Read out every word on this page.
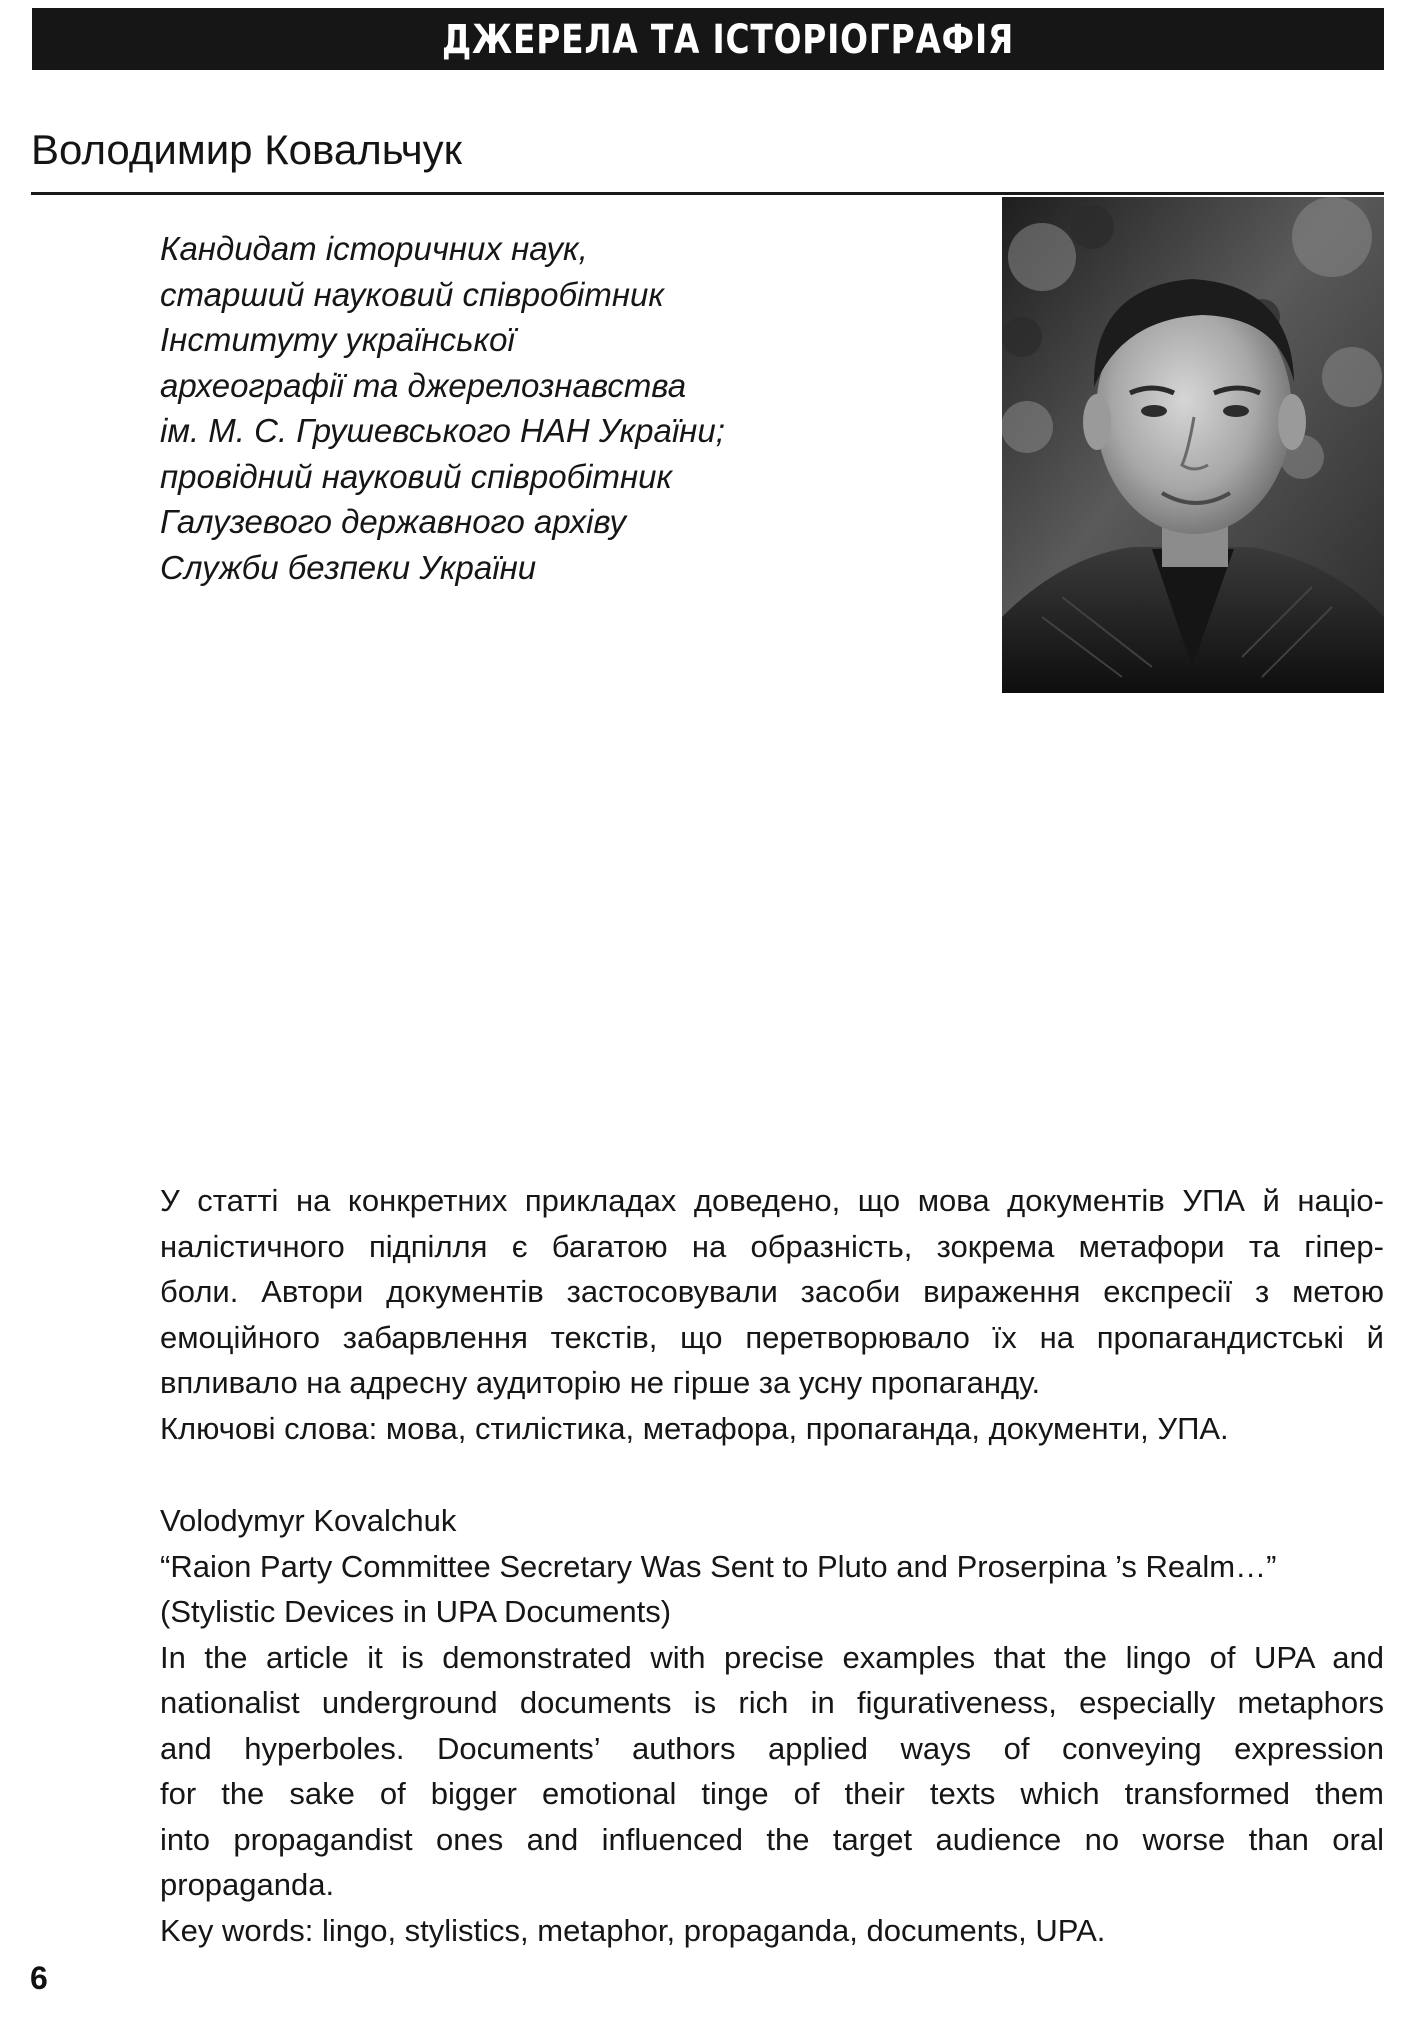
ДЖЕРЕЛА ТА ІСТОРІОГРАФІЯ
Володимир Ковальчук
Кандидат історичних наук,
старший науковий співробітник
Інституту української
археографії та джерелознавства
ім. М. С. Грушевського НАН України;
провідний науковий співробітник
Галузевого державного архіву
Служби безпеки України
У статті на конкретних прикладах доведено, що мова документів УПА й націо-
налістичного підпілля є багатою на образність, зокрема метафори та гіпер-
боли. Автори документів застосовували засоби вираження експресії з метою
емоційного забарвлення текстів, що перетворювало їх на пропагандистські й
впливало на адресну аудиторію не гірше за усну пропаганду.
Ключові слова: мова, стилістика, метафора, пропаганда, документи, УПА.
Volodymyr Kovalchuk
“Raion Party Committee Secretary Was Sent to Pluto and Proserpina ’s Realm…”
(Stylistic Devices in UPA Documents)
In the article it is demonstrated with precise examples that the lingo of UPA and
nationalist underground documents is rich in figurativeness, especially metaphors
and hyperboles. Documents’ authors applied ways of conveying expression
for the sake of bigger emotional tinge of their texts which transformed them
into propagandist ones and influenced the target audience no worse than oral
propaganda.
Key words: lingo, stylistics, metaphor, propaganda, documents, UPA.

6
